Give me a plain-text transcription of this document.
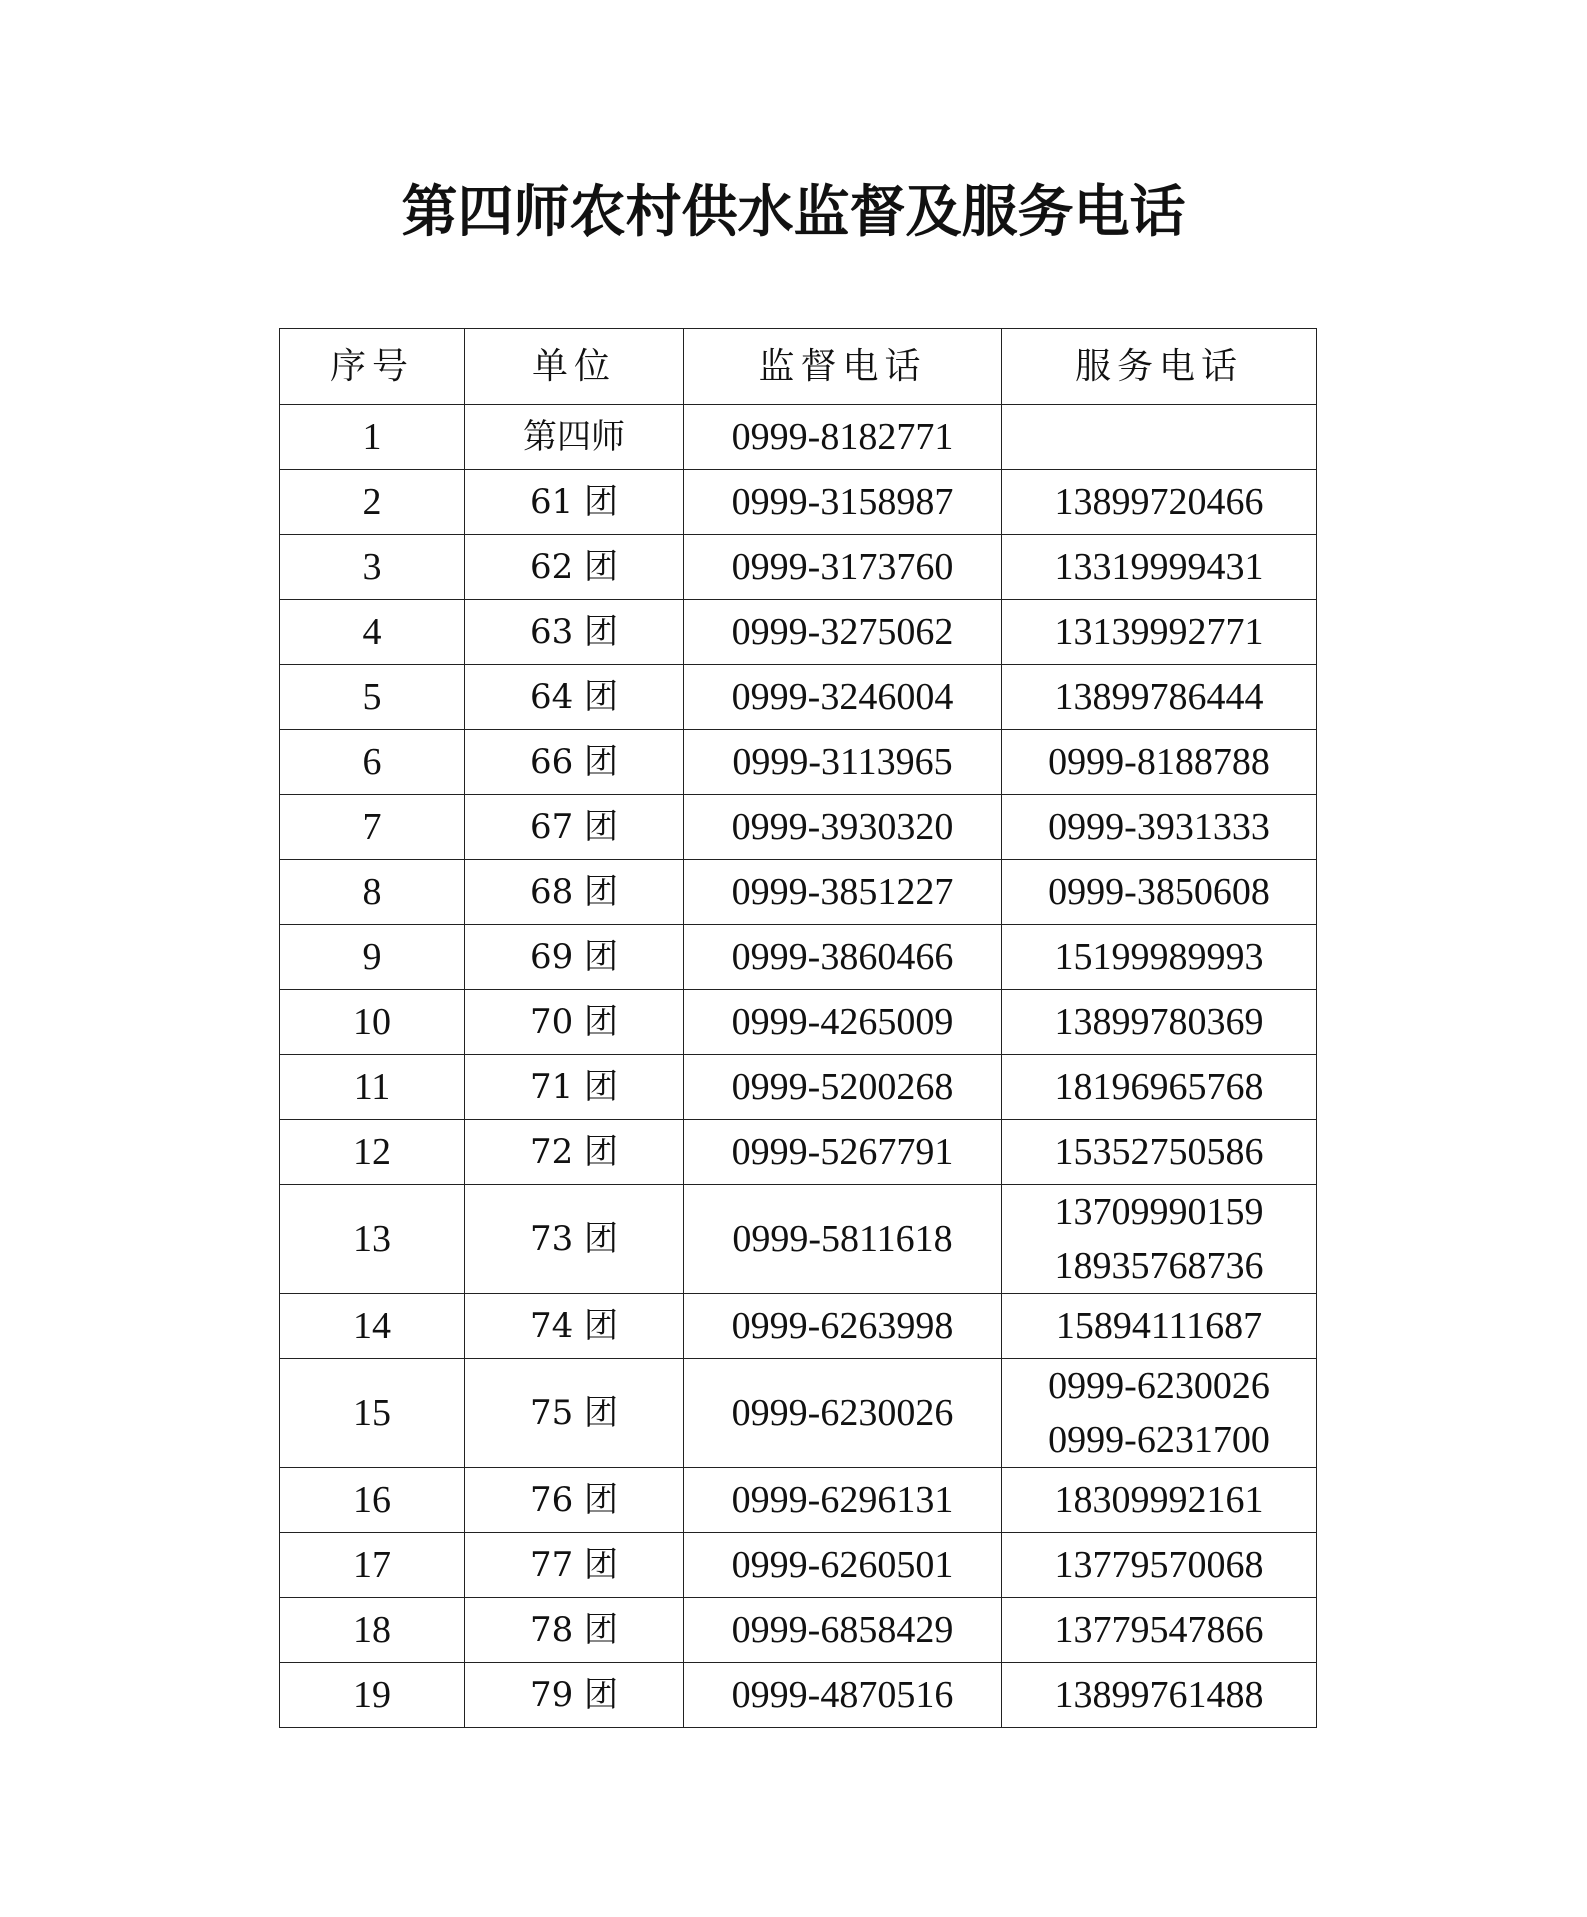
第四师农村供水监督及服务电话
序号	单位	监督电话	服务电话
1	第四师	0999-8182771	
2	61 团	0999-3158987	13899720466

3	62 团	0999-3173760	13319999431

4	63 团	0999-3275062	13139992771

5	64 团	0999-3246004	13899786444

6	66 团	0999-3113965	0999-8188788

7	67 团	0999-3930320	0999-3931333

8	68 团	0999-3851227	0999-3850608

9	69 团	0999-3860466	15199989993

10	70 团	0999-4265009	13899780369

11	71 团	0999-5200268	18196965768

12	72 团	0999-5267791	15352750586

13	73 团	0999-5811618	13709990159
18935768736

14	74 团	0999-6263998	15894111687

15	75 团	0999-6230026	0999-6230026
0999-6231700

16	76 团	0999-6296131	18309992161

17	77 团	0999-6260501	13779570068

18	78 团	0999-6858429	13779547866

19	79 团	0999-4870516	13899761488
